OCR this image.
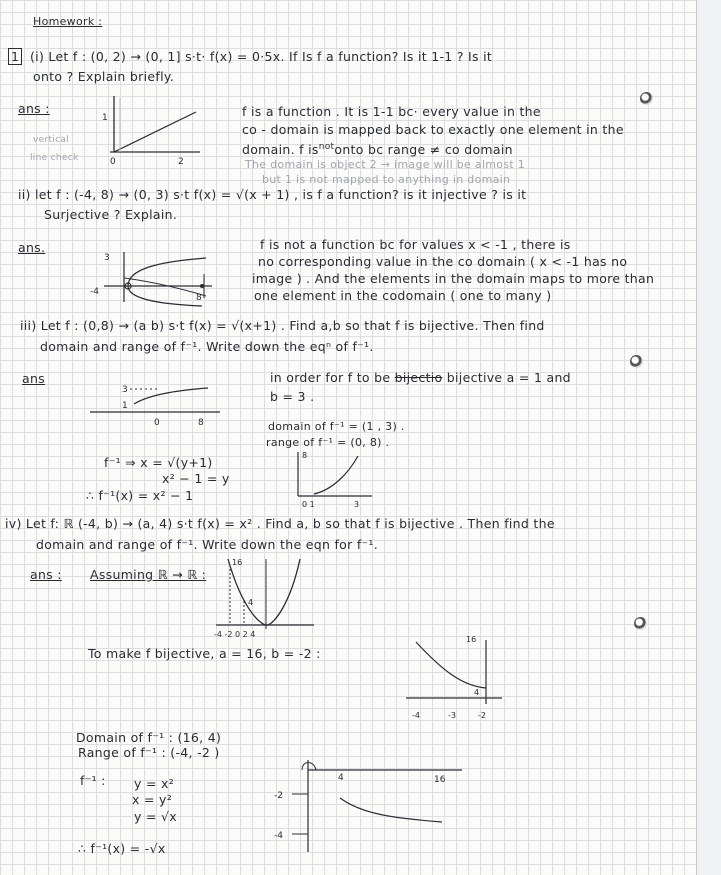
Homework :
1 (i) Let f : (0, 2) → (0, 1] s·t· f(x) = 0·5x. If Is f a function? Is it 1-1 ? Is it
onto ? Explain briefly.
ans :
vertical
line check
1
0	2
f is a function . It is 1-1 bc· every value in the
co - domain is mapped back to exactly one element in the
domain. f $is^{not}onto$ bc range ≠ co domain
The domain is object 2 → image will be almost 1
but 1 is not mapped to anything in domain
ii) let f : (-4, 8) → (0, 3) s·t f(x) = √(x + 1) , is f a function? is it injective ? is it
Surjective ? Explain.
ans.
3
-4
8
f is not a function bc for values x < -1 , there is
no corresponding value in the co domain ( x < -1 has no
image ) . And the elements in the domain maps to more than
one element in the codomain ( one to many )
iii) Let f : (0,8) → (a b) s·t f(x) = √(x+1) . Find a,b so that f is bijective. Then find
domain and range of f⁻¹. Write down the eqⁿ of f⁻¹.
ans
3
1
0	8
in order for f to be bijectio bijective a = 1 and
b = 3 .
domain of f⁻¹ = (1 , 3) .
range of f⁻¹ = (0, 8) .
8
0 1	3
f⁻¹ ⇒ x = √(y+1)
x² − 1 = y
∴ f⁻¹(x) = x² − 1
iv) Let f: ℝ (-4, b) → (a, 4) s·t f(x) = x² . Find a, b so that f is bijective . Then find the
domain and range of f⁻¹. Write down the eqn for f⁻¹.
ans : Assuming ℝ → ℝ :
16
4
-4 -2 0 2 4
To make f bijective, a = 16, b = -2 :
16
4
-4	-3	-2
Domain of f⁻¹ : (16, 4)
Range of f⁻¹ : (-4, -2 )
f⁻¹ : y = x²
x = y²
y = √x
∴ f⁻¹(x) = -√x
4	16
-2
-4
